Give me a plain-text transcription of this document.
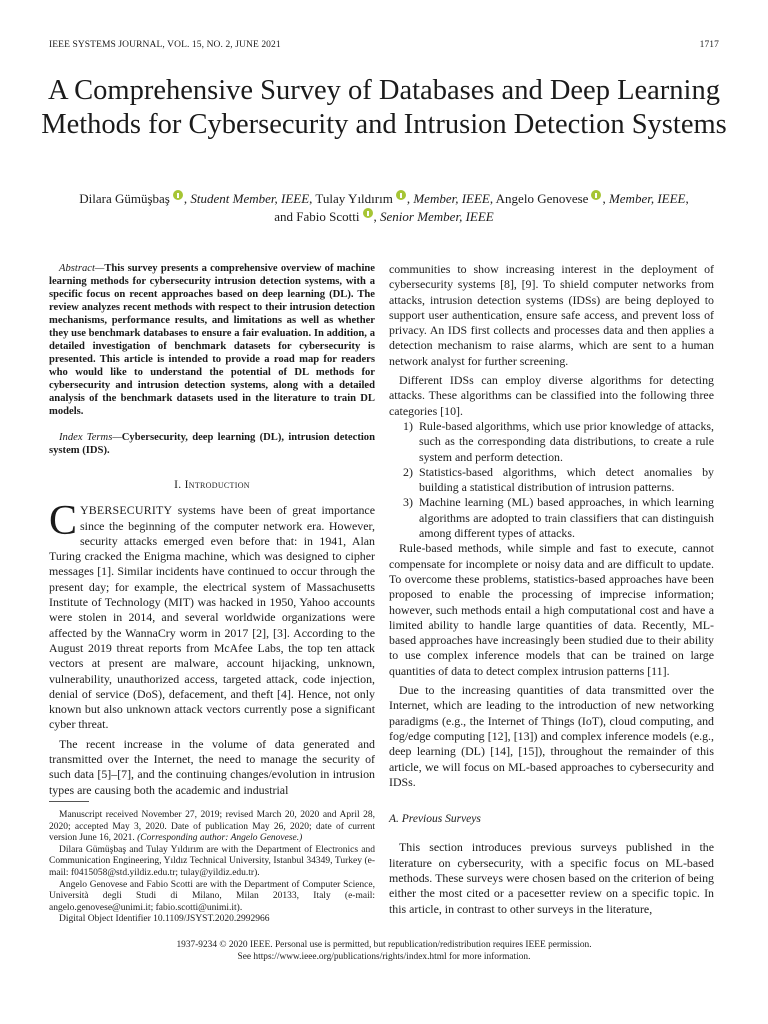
IEEE SYSTEMS JOURNAL, VOL. 15, NO. 2, JUNE 2021	1717
A Comprehensive Survey of Databases and Deep Learning Methods for Cybersecurity and Intrusion Detection Systems
Dilara Gümüşbaş , Student Member, IEEE, Tulay Yıldırım , Member, IEEE, Angelo Genovese , Member, IEEE,
and Fabio Scotti , Senior Member, IEEE

Abstract—This survey presents a comprehensive overview of machine learning methods for cybersecurity intrusion detection systems, with a specific focus on recent approaches based on deep learning (DL). The review analyzes recent methods with respect to their intrusion detection mechanisms, performance results, and limitations as well as whether they use benchmark databases to ensure a fair evaluation. In addition, a detailed investigation of benchmark datasets for cybersecurity is presented. This article is intended to provide a road map for readers who would like to understand the potential of DL methods for cybersecurity and intrusion detection systems, along with a detailed analysis of the benchmark datasets used in the literature to train DL models.

Index Terms—Cybersecurity, deep learning (DL), intrusion detection system (IDS).

I. Introduction

CYBERSECURITY systems have been of great importance since the beginning of the computer network era. However, security attacks emerged even before that: in 1941, Alan Turing cracked the Enigma machine, which was designed to cipher messages [1]. Similar incidents have continued to occur through the present day; for example, the electrical system of Massachusetts Institute of Technology (MIT) was hacked in 1950, Yahoo accounts were stolen in 2014, and several worldwide organizations were affected by the WannaCry worm in 2017 [2], [3]. According to the August 2019 threat reports from McAfee Labs, the top ten attack vectors at present are malware, account hijacking, unknown, vulnerability, unauthorized access, targeted attack, code injection, denial of service (DoS), defacement, and theft [4]. Hence, not only known but also unknown attack vectors currently pose a significant cyber threat.

The recent increase in the volume of data generated and transmitted over the Internet, the need to manage the security of such data [5]–[7], and the continuing changes/evolution in intrusion types are causing both the academic and industrial

communities to show increasing interest in the deployment of cybersecurity systems [8], [9]. To shield computer networks from attacks, intrusion detection systems (IDSs) are being deployed to support user authentication, ensure safe access, and prevent loss of privacy. An IDS first collects and processes data and then applies a detection mechanism to raise alarms, which are sent to a human network analyst for further screening.

Different IDSs can employ diverse algorithms for detecting attacks. These algorithms can be classified into the following three categories [10].

1) Rule-based algorithms, which use prior knowledge of attacks, such as the corresponding data distributions, to create a rule system and perform detection.
2) Statistics-based algorithms, which detect anomalies by building a statistical distribution of intrusion patterns.
3) Machine learning (ML) based approaches, in which learning algorithms are adopted to train classifiers that can distinguish among different types of attacks.

Rule-based methods, while simple and fast to execute, cannot compensate for incomplete or noisy data and are difficult to update. To overcome these problems, statistics-based approaches have been proposed to enable the processing of imprecise information; however, such methods entail a high computational cost and have a limited ability to handle large quantities of data. Recently, ML-based approaches have increasingly been studied due to their ability to use complex inference models that can be trained on large quantities of data to detect complex intrusion patterns [11].

Due to the increasing quantities of data transmitted over the Internet, which are leading to the introduction of new networking paradigms (e.g., the Internet of Things (IoT), cloud computing, and fog/edge computing [12], [13]) and complex inference models (e.g., deep learning (DL) [14], [15]), throughout the remainder of this article, we will focus on ML-based approaches to cybersecurity and IDSs.

A. Previous Surveys

This section introduces previous surveys published in the literature on cybersecurity, with a specific focus on ML-based methods. These surveys were chosen based on the criterion of being either the most cited or a pacesetter review on a specific topic. In this article, in contrast to other surveys in the literature,

Manuscript received November 27, 2019; revised March 20, 2020 and April 28, 2020; accepted May 3, 2020. Date of publication May 26, 2020; date of current version June 16, 2021. (Corresponding author: Angelo Genovese.)

Dilara Gümüşbaş and Tulay Yıldırım are with the Department of Electronics and Communication Engineering, Yıldız Technical University, Istanbul 34349, Turkey (e-mail: f0415058@std.yildiz.edu.tr; tulay@yildiz.edu.tr).

Angelo Genovese and Fabio Scotti are with the Department of Computer Science, Università degli Studi di Milano, Milan 20133, Italy (e-mail: angelo.genovese@unimi.it; fabio.scotti@unimi.it).

Digital Object Identifier 10.1109/JSYST.2020.2992966

1937-9234 © 2020 IEEE. Personal use is permitted, but republication/redistribution requires IEEE permission.
See https://www.ieee.org/publications/rights/index.html for more information.
